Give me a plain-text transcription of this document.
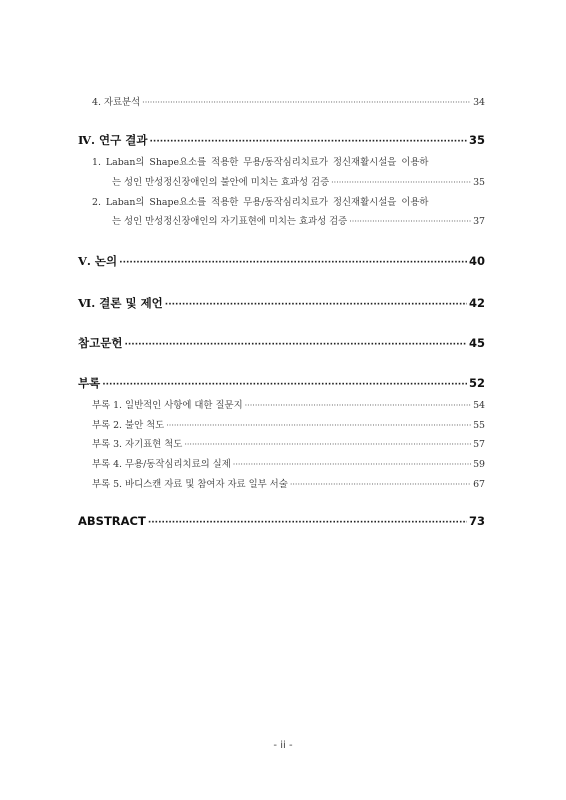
4. 자료분석 ·····	34
Ⅳ. 연구 결과 ·····	35
1. Laban의 Shape요소를 적용한 무용/동작심리치료가 정신재활시설을 이용하
는 성인 만성정신장애인의 불안에 미치는 효과성 검증 ·····	35
2. Laban의 Shape요소를 적용한 무용/동작심리치료가 정신재활시설을 이용하
는 성인 만성정신장애인의 자기표현에 미치는 효과성 검증 ·····	37
Ⅴ. 논의 ·····	40
Ⅵ. 결론 및 제언 ·····	42
참고문헌 ·····	45
부록 ·····	52
부록 1. 일반적인 사항에 대한 질문지 ·····	54
부록 2. 불안 척도 ·····	55
부록 3. 자기표현 척도 ·····	57
부록 4. 무용/동작심리치료의 실제 ·····	59
부록 5. 바디스캔 자료 및 참여자 자료 일부 서술 ·····	67
ABSTRACT ·····	73
- ii -
